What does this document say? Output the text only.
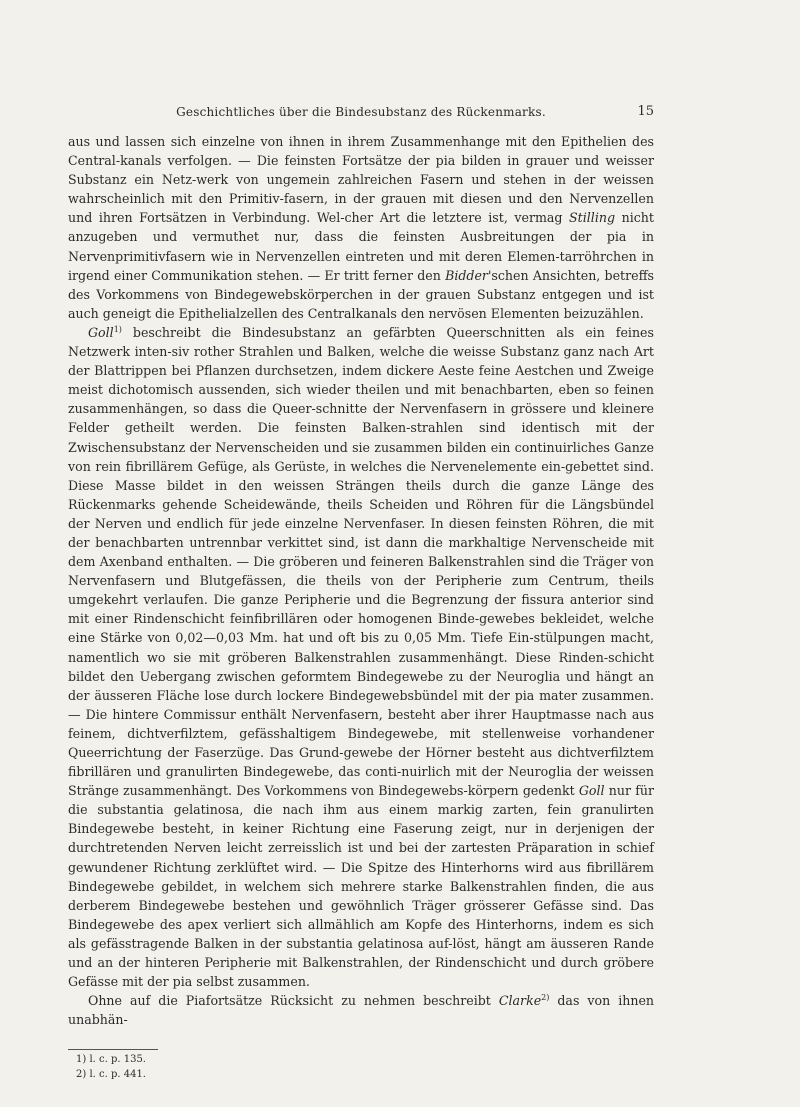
Geschichtliches über die Bindesubstanz des Rückenmarks.	15

aus und lassen sich einzelne von ihnen in ihrem Zusammenhange mit den Epithelien des Central-kanals verfolgen. — Die feinsten Fortsätze der pia bilden in grauer und weisser Substanz ein Netz-werk von ungemein zahlreichen Fasern und stehen in der weissen wahrscheinlich mit den Primitiv-fasern, in der grauen mit diesen und den Nervenzellen und ihren Fortsätzen in Verbindung. Wel-cher Art die letztere ist, vermag Stilling nicht anzugeben und vermuthet nur, dass die feinsten Ausbreitungen der pia in Nervenprimitivfasern wie in Nervenzellen eintreten und mit deren Elemen-tarröhrchen in irgend einer Communikation stehen. — Er tritt ferner den Bidder'schen Ansichten, betreffs des Vorkommens von Bindegewebskörperchen in der grauen Substanz entgegen und ist auch geneigt die Epithelialzellen des Centralkanals den nervösen Elementen beizuzählen.

Goll$^{1)}$ beschreibt die Bindesubstanz an gefärbten Queerschnitten als ein feines Netzwerk inten-siv rother Strahlen und Balken, welche die weisse Substanz ganz nach Art der Blattrippen bei Pflanzen durchsetzen, indem dickere Aeste feine Aestchen und Zweige meist dichotomisch aussenden, sich wieder theilen und mit benachbarten, eben so feinen zusammenhängen, so dass die Queer-schnitte der Nervenfasern in grössere und kleinere Felder getheilt werden. Die feinsten Balken-strahlen sind identisch mit der Zwischensubstanz der Nervenscheiden und sie zusammen bilden ein continuirliches Ganze von rein fibrillärem Gefüge, als Gerüste, in welches die Nervenelemente ein-gebettet sind. Diese Masse bildet in den weissen Strängen theils durch die ganze Länge des Rückenmarks gehende Scheidewände, theils Scheiden und Röhren für die Längsbündel der Nerven und endlich für jede einzelne Nervenfaser. In diesen feinsten Röhren, die mit der benachbarten untrennbar verkittet sind, ist dann die markhaltige Nervenscheide mit dem Axenband enthalten. — Die gröberen und feineren Balkenstrahlen sind die Träger von Nervenfasern und Blutgefässen, die theils von der Peripherie zum Centrum, theils umgekehrt verlaufen. Die ganze Peripherie und die Begrenzung der fissura anterior sind mit einer Rindenschicht feinfibrillären oder homogenen Binde-gewebes bekleidet, welche eine Stärke von 0,02—0,03 Mm. hat und oft bis zu 0,05 Mm. Tiefe Ein-stülpungen macht, namentlich wo sie mit gröberen Balkenstrahlen zusammenhängt. Diese Rinden-schicht bildet den Uebergang zwischen geformtem Bindegewebe zu der Neuroglia und hängt an der äusseren Fläche lose durch lockere Bindegewebsbündel mit der pia mater zusammen. — Die hintere Commissur enthält Nervenfasern, besteht aber ihrer Hauptmasse nach aus feinem, dichtverfilztem, gefässhaltigem Bindegewebe, mit stellenweise vorhandener Queerrichtung der Faserzüge. Das Grund-gewebe der Hörner besteht aus dichtverfilztem fibrillären und granulirten Bindegewebe, das conti-nuirlich mit der Neuroglia der weissen Stränge zusammenhängt. Des Vorkommens von Bindegewebs-körpern gedenkt Goll nur für die substantia gelatinosa, die nach ihm aus einem markig zarten, fein granulirten Bindegewebe besteht, in keiner Richtung eine Faserung zeigt, nur in derjenigen der durchtretenden Nerven leicht zerreisslich ist und bei der zartesten Präparation in schief gewundener Richtung zerklüftet wird. — Die Spitze des Hinterhorns wird aus fibrillärem Bindegewebe gebildet, in welchem sich mehrere starke Balkenstrahlen finden, die aus derberem Bindegewebe bestehen und gewöhnlich Träger grösserer Gefässe sind. Das Bindegewebe des apex verliert sich allmählich am Kopfe des Hinterhorns, indem es sich als gefässtragende Balken in der substantia gelatinosa auf-löst, hängt am äusseren Rande und an der hinteren Peripherie mit Balkenstrahlen, der Rindenschicht und durch gröbere Gefässe mit der pia selbst zusammen.

Ohne auf die Piafortsätze Rücksicht zu nehmen beschreibt Clarke$^{2)}$ das von ihnen unabhän-

1) l. c. p. 135.
2) l. c. p. 441.
